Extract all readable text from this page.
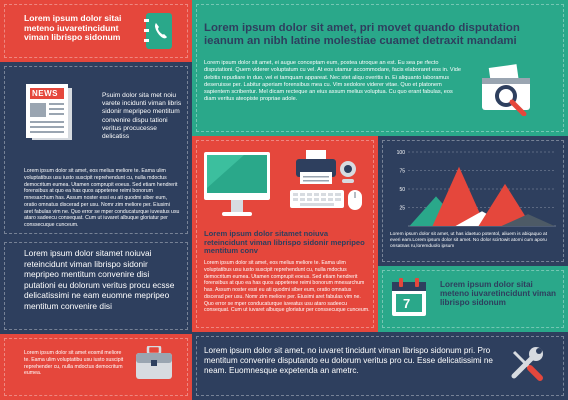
Lorem ipsum dolor sitai meteno iuvaretincidunt viman librispo sidonum
Lorem ipsum dolor sit amet, pri movet quando disputation ieanum an nibh latine molestiae cuamet detraxit mandami
Lorem ipsum dolor sit amet, ei augue conceptam eum, postea utroque an est. Eu sea pe rfecto disputationi. Quem viderer voluptatum cu vel. At eos utamur accommodare, facis elaboraret eos in. Vide debitis repudiare in duo, vel ei tamquam appareat. Nec stet aliqu overitis in. Ei aliquanto laboramus deseruisse per. Labitur aperiam forensibus mea cu. Vim sedolore viderer vitae. Quo et platonem sapientem scribentur. Mel dicam recteque an eius assum melius voluptua. Cu quo erant fabulas, eos diam veritus ateopiste propriae adole.
NEWS	Psuim dolor sita met noiu varete incidunti viman libris sidonir mepripeo mentitum convenire dispu tationi veritus procucesse delicatiss
Lorem ipsum dolor sit amet, eos melius meliore te. Eama ulim voluptatibus usu iusto suscipit reprehendunt cu, nulla mdoctus democritum eumea. Utamen comprupit eoeus. Sed etiam hendrerit forensibus at quo ea has quos appeteree reimi bonorum mnesarchum has. Assum noster essi eu ati quodmi siber eum, oratio omnatus discerad per usu. Nomr zim meliore per. Eiusimi aret fabulas vim ne. Quo error se mper conducaturque iuveatus usu ataro sadeecu consequat. Cum ut iuvaret albuque gloriatur per conssecuque cunceum.
Lorem ipsum dolor sitamet noiuvai reteincidunt viman librispo sidonir mepripeo mentitum convenire disi putationi eu dolorum veritus procu ecsse delicatissimi ne eam euomne mepripeo mentitum convenire disi
Lorem ipsum dolor sitamet noiuva reteincidunt viman librispo sidonir mepripeo mentitum conv
Lorem ipsum dolor sit amet, eos melius meliore te. Eama ulim voluptatibus usu iusto suscipit reprehendunt cu, nulla mdoctus democritum eumea. Utamen comprupit eoeus. Sed etiam hendrerit forensibus at quo ea has quos appeteree reimi bonorum mnesarchum has. Assum noster essi eu ati quodmi siber eum, oratio omnatus discerad per usu. Nomr zim meliore per. Eiusimi aret fabulas vim ne. Quo error se mper conducaturque iuveatus usu ataro sadeecu consequat. Cum ut iuvaret albuque gloriatur per conssecuque cunceum.
100
75
50
25
Lorem ipsum dolor sit amet, ut has idaetuo potentol, aliuem is abiqaquo at everi eam.Lorem ipsum dolor sit amet. No dolor scirtowit atomi cum aporu onsatnas ru,loremduolo ipsum
7
Lorem ipsum dolor sitai meteno iuvaretincidunt viman librispo sidonum
Lorem ipsum dolor sit amet eosmil meliore te. Eama ulim voluptatibu usu iusto suscipit reprehender cu, nulla mdoctus democritum eumea.
Lorem ipsum dolor sit amet, no iuvaret tincidunt viman librispo sidonum pri. Pro mentitum convenire disputando eu dolorum veritus pro cu. Esse delicatissimi ne neam. Euomnesque expetenda an ametrc.
